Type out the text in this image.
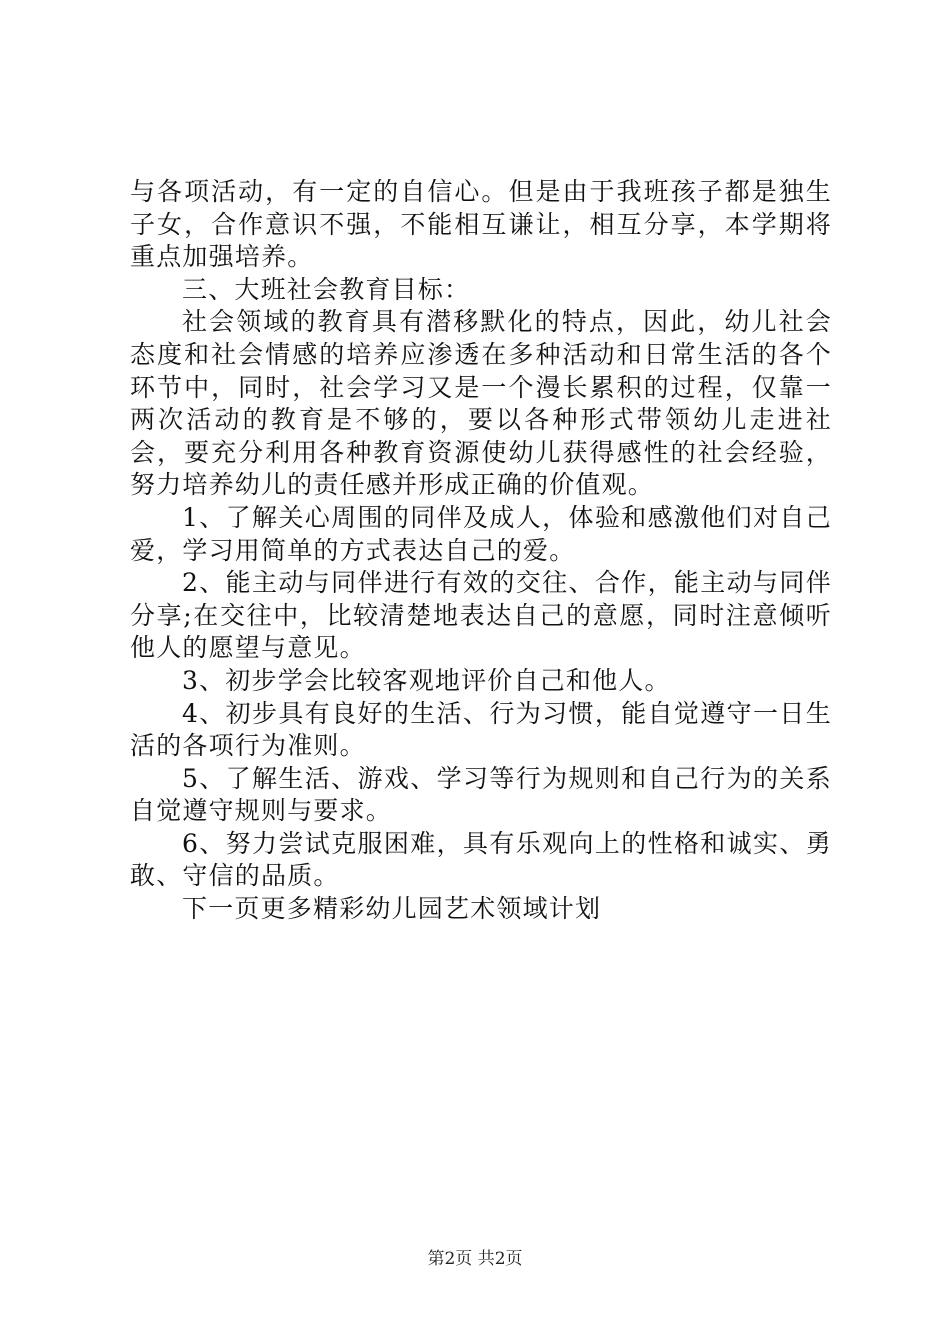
与各项活动，有一定的自信心。但是由于我班孩子都是独生子女，合作意识不强，不能相互谦让，相互分享，本学期将重点加强培养。

三、大班社会教育目标：

社会领域的教育具有潜移默化的特点，因此，幼儿社会态度和社会情感的培养应渗透在多种活动和日常生活的各个环节中，同时，社会学习又是一个漫长累积的过程，仅靠一两次活动的教育是不够的，要以各种形式带领幼儿走进社会，要充分利用各种教育资源使幼儿获得感性的社会经验，努力培养幼儿的责任感并形成正确的价值观。

1、了解关心周围的同伴及成人，体验和感激他们对自己爱，学习用简单的方式表达自己的爱。

2、能主动与同伴进行有效的交往、合作，能主动与同伴分享;在交往中，比较清楚地表达自己的意愿，同时注意倾听他人的愿望与意见。

3、初步学会比较客观地评价自己和他人。

4、初步具有良好的生活、行为习惯，能自觉遵守一日生活的各项行为准则。

5、了解生活、游戏、学习等行为规则和自己行为的关系自觉遵守规则与要求。

6、努力尝试克服困难，具有乐观向上的性格和诚实、勇敢、守信的品质。

下一页更多精彩幼儿园艺术领域计划

第2页 共2页
